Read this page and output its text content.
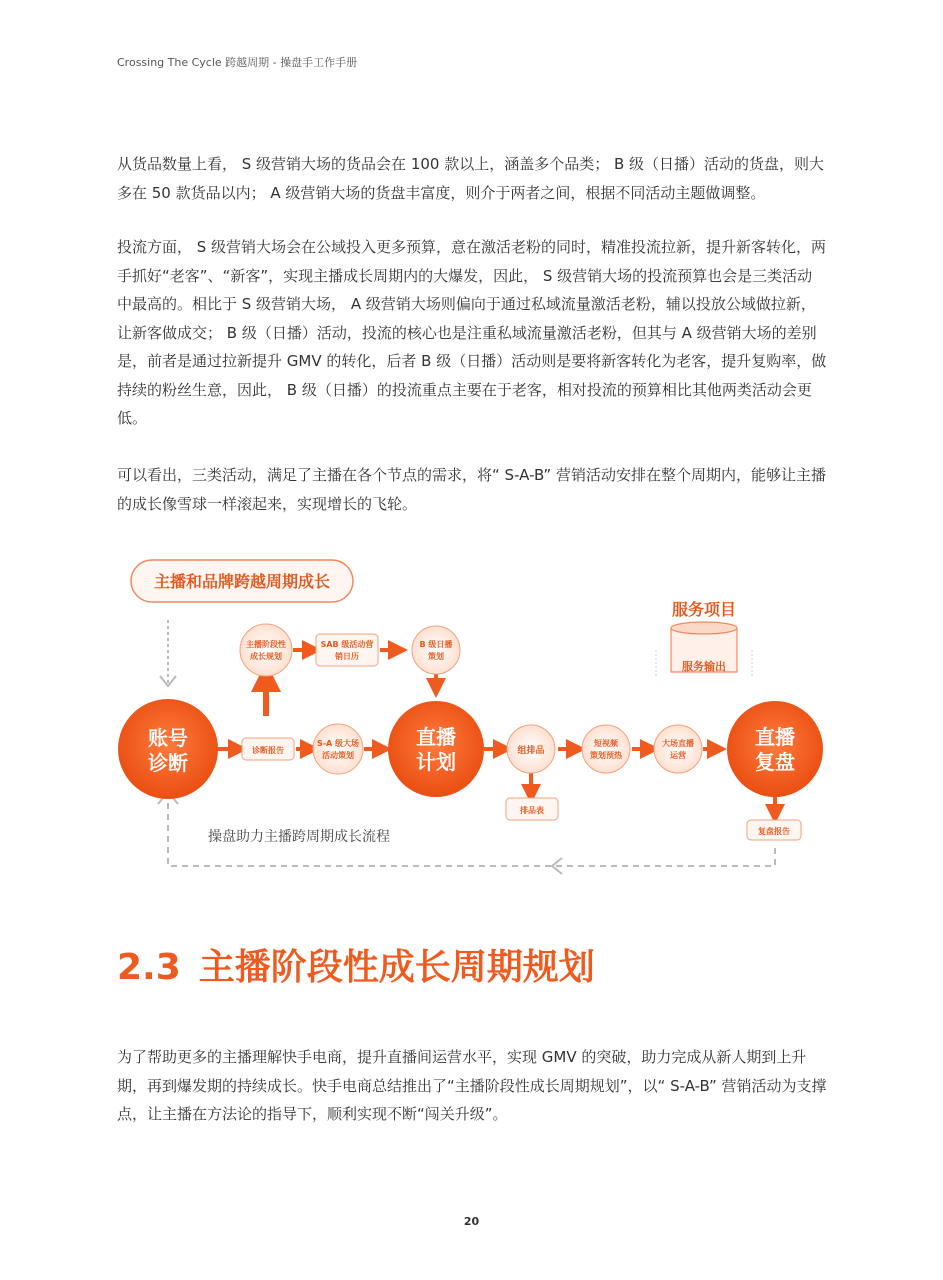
Crossing The Cycle 跨越周期 - 操盘手工作手册

从货品数量上看， S 级营销大场的货品会在 100 款以上，涵盖多个品类； B 级（日播）活动的货盘，则大多在 50 款货品以内； A 级营销大场的货盘丰富度，则介于两者之间，根据不同活动主题做调整。

投流方面， S 级营销大场会在公域投入更多预算，意在激活老粉的同时，精准投流拉新，提升新客转化，两手抓好“老客”、“新客”，实现主播成长周期内的大爆发，因此， S 级营销大场的投流预算也会是三类活动中最高的。相比于 S 级营销大场， A 级营销大场则偏向于通过私域流量激活老粉，辅以投放公域做拉新，让新客做成交； B 级（日播）活动，投流的核心也是注重私域流量激活老粉，但其与 A 级营销大场的差别是，前者是通过拉新提升 GMV 的转化，后者 B 级（日播）活动则是要将新客转化为老客，提升复购率，做持续的粉丝生意，因此， B 级（日播）的投流重点主要在于老客，相对投流的预算相比其他两类活动会更低。

可以看出，三类活动，满足了主播在各个节点的需求，将“ S-A-B” 营销活动安排在整个周期内，能够让主播的成长像雪球一样滚起来，实现增长的飞轮。

主播和品牌跨越周期成长
服务项目
服务输出
账号
诊断
直播
计划
直播
复盘
主播阶段性
成长规划
B 级日播
策划
S-A 级大场
活动策划	组排品
短视频
策划预热
大场直播
运营
SAB 级活动营
销日历
诊断报告
排品表
复盘报告
操盘助力主播跨周期成长流程
2.3 主播阶段性成长周期规划

为了帮助更多的主播理解快手电商，提升直播间运营水平，实现 GMV 的突破，助力完成从新人期到上升期，再到爆发期的持续成长。快手电商总结推出了“主播阶段性成长周期规划”，以“ S-A-B” 营销活动为支撑点，让主播在方法论的指导下，顺利实现不断“闯关升级”。

20
